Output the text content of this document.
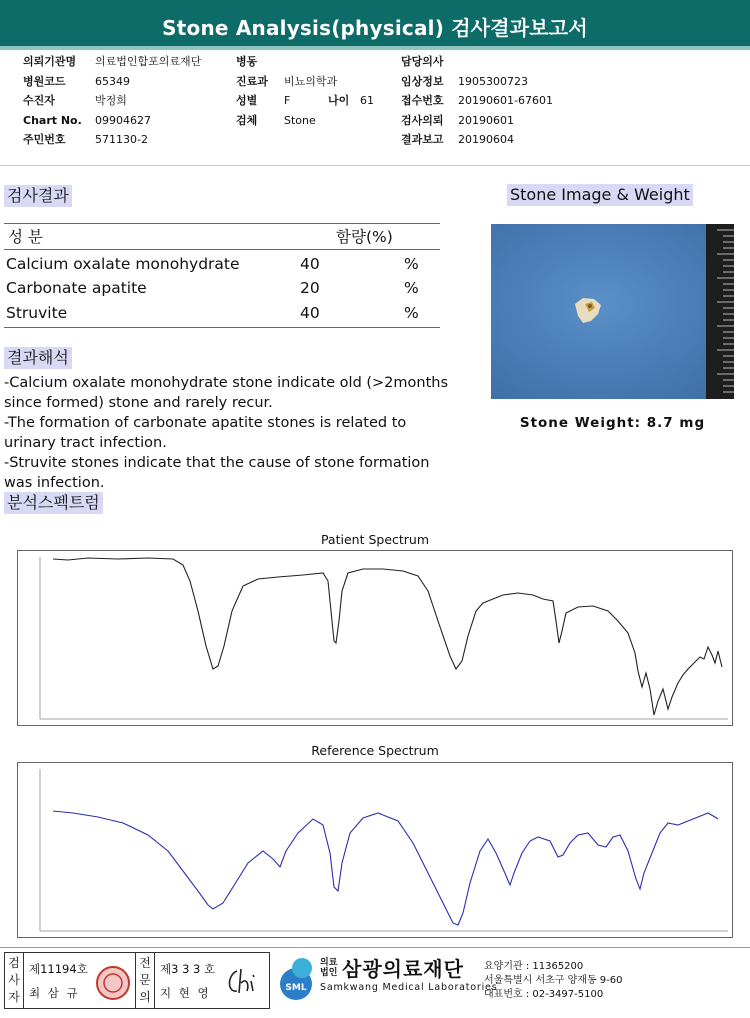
Stone Analysis(physical) 검사결과보고서
의뢰기관명 의료법인합포의료재단
병원코드	65349
수진자	박정희
Chart No. 09904627
주민번호	571130-2
병동
진료과 비뇨의학과
성별 F	나이 61
검체 Stone
담당의사
임상정보 1905300723
접수번호 20190601-67601
검사의뢰 20190601
결과보고 20190604
검사결과
성 분	함량(%)
Calcium oxalate monohydrate	40	%
Carbonate apatite	20	%
Struvite	40	%
Stone Image & Weight
Stone Weight: 8.7 mg
결과해석
-Calcium oxalate monohydrate stone indicate old (>2months since formed) stone and rarely recur.
-The formation of carbonate apatite stones is related to urinary tract infection.
-Struvite stones indicate that the cause of stone formation was infection.
분석스펙트럼
Patient Spectrum
Reference Spectrum
검사자
제11194호
최 삼 규
전문의
제3 3 3 호
지 현 영	SML
의료법인 삼광의료재단
Samkwang Medical Laboratories
요양기관 : 11365200
서울특별시 서초구 양재동 9-60
대표번호 : 02-3497-5100
